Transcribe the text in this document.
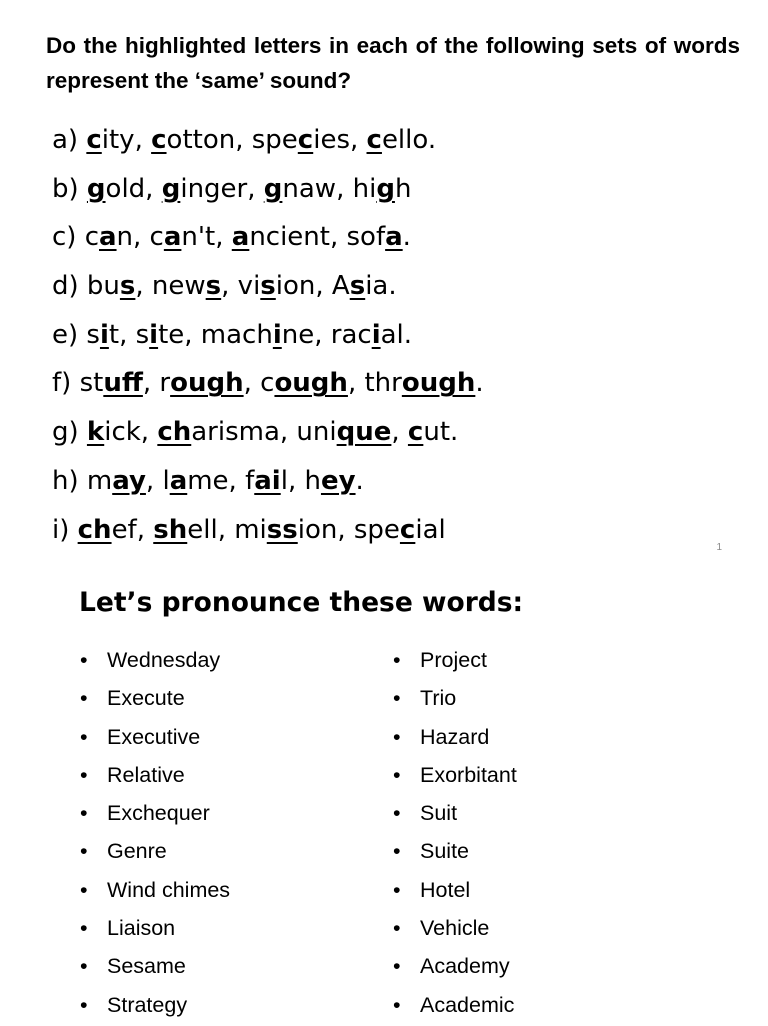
Do the highlighted letters in each of the following sets of words represent the ‘same’ sound?
a) city, cotton, species, cello.
b) gold, ginger, gnaw, high
c) can, can't, ancient, sofa.
d) bus, news, vision, Asia.
e) sit, site, machine, racial.
f) stuff, rough, cough, through.
g) kick, charisma, unique, cut.
h) may, lame, fail, hey.
i) chef, shell, mission, special
1
Let’s pronounce these words:
• Wednesday
• Execute
• Executive
• Relative
• Exchequer
• Genre
• Wind chimes
• Liaison
• Sesame
• Strategy
• Project
• Trio
• Hazard
• Exorbitant
• Suit
• Suite
• Hotel
• Vehicle
• Academy
• Academic
